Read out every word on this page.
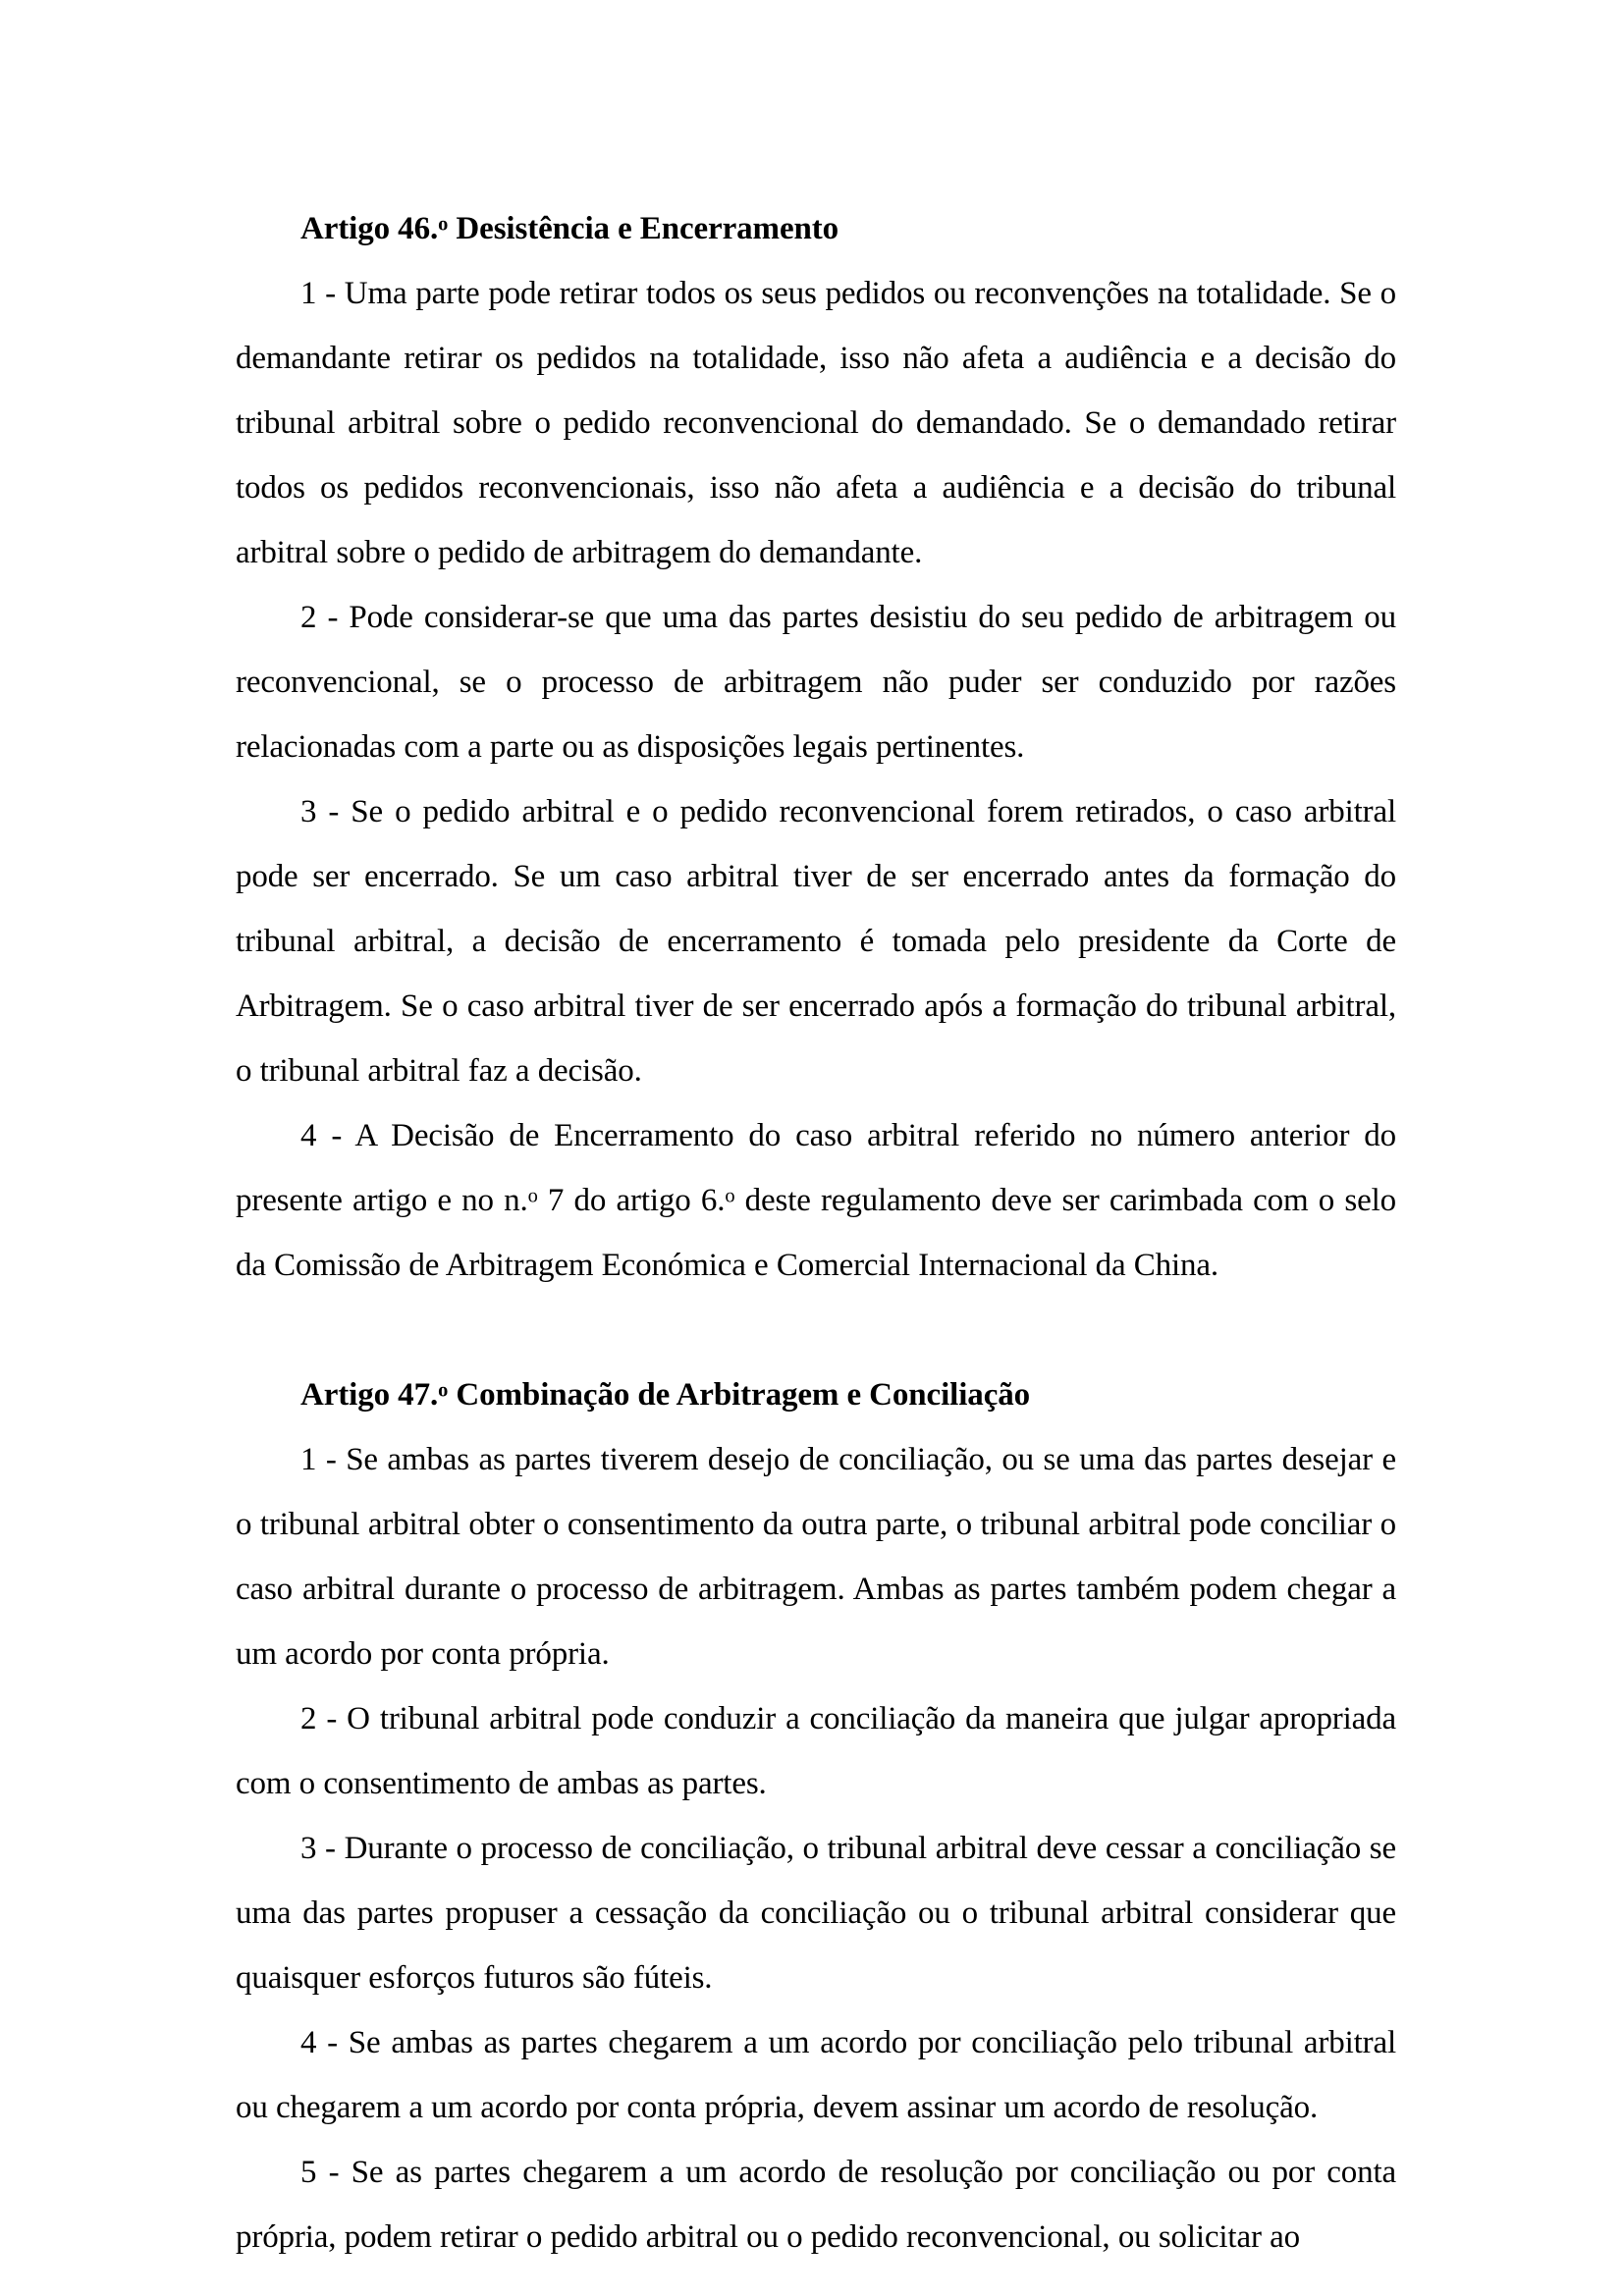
Artigo 46.$^o$ Desistência e Encerramento

1 - Uma parte pode retirar todos os seus pedidos ou reconvenções na totalidade. Se o demandante retirar os pedidos na totalidade, isso não afeta a audiência e a decisão do tribunal arbitral sobre o pedido reconvencional do demandado. Se o demandado retirar todos os pedidos reconvencionais, isso não afeta a audiência e a decisão do tribunal arbitral sobre o pedido de arbitragem do demandante.

2 - Pode considerar-se que uma das partes desistiu do seu pedido de arbitragem ou reconvencional, se o processo de arbitragem não puder ser conduzido por razões relacionadas com a parte ou as disposições legais pertinentes.

3 - Se o pedido arbitral e o pedido reconvencional forem retirados, o caso arbitral pode ser encerrado. Se um caso arbitral tiver de ser encerrado antes da formação do tribunal arbitral, a decisão de encerramento é tomada pelo presidente da Corte de Arbitragem. Se o caso arbitral tiver de ser encerrado após a formação do tribunal arbitral, o tribunal arbitral faz a decisão.

4 - A Decisão de Encerramento do caso arbitral referido no número anterior do presente artigo e no n.$^o$ 7 do artigo 6.$^o$ deste regulamento deve ser carimbada com o selo da Comissão de Arbitragem Económica e Comercial Internacional da China.

Artigo 47.$^o$ Combinação de Arbitragem e Conciliação

1 - Se ambas as partes tiverem desejo de conciliação, ou se uma das partes desejar e o tribunal arbitral obter o consentimento da outra parte, o tribunal arbitral pode conciliar o caso arbitral durante o processo de arbitragem. Ambas as partes também podem chegar a um acordo por conta própria.

2 - O tribunal arbitral pode conduzir a conciliação da maneira que julgar apropriada com o consentimento de ambas as partes.

3 - Durante o processo de conciliação, o tribunal arbitral deve cessar a conciliação se uma das partes propuser a cessação da conciliação ou o tribunal arbitral considerar que quaisquer esforços futuros são fúteis.

4 - Se ambas as partes chegarem a um acordo por conciliação pelo tribunal arbitral ou chegarem a um acordo por conta própria, devem assinar um acordo de resolução.

5 - Se as partes chegarem a um acordo de resolução por conciliação ou por conta própria, podem retirar o pedido arbitral ou o pedido reconvencional, ou solicitar ao
